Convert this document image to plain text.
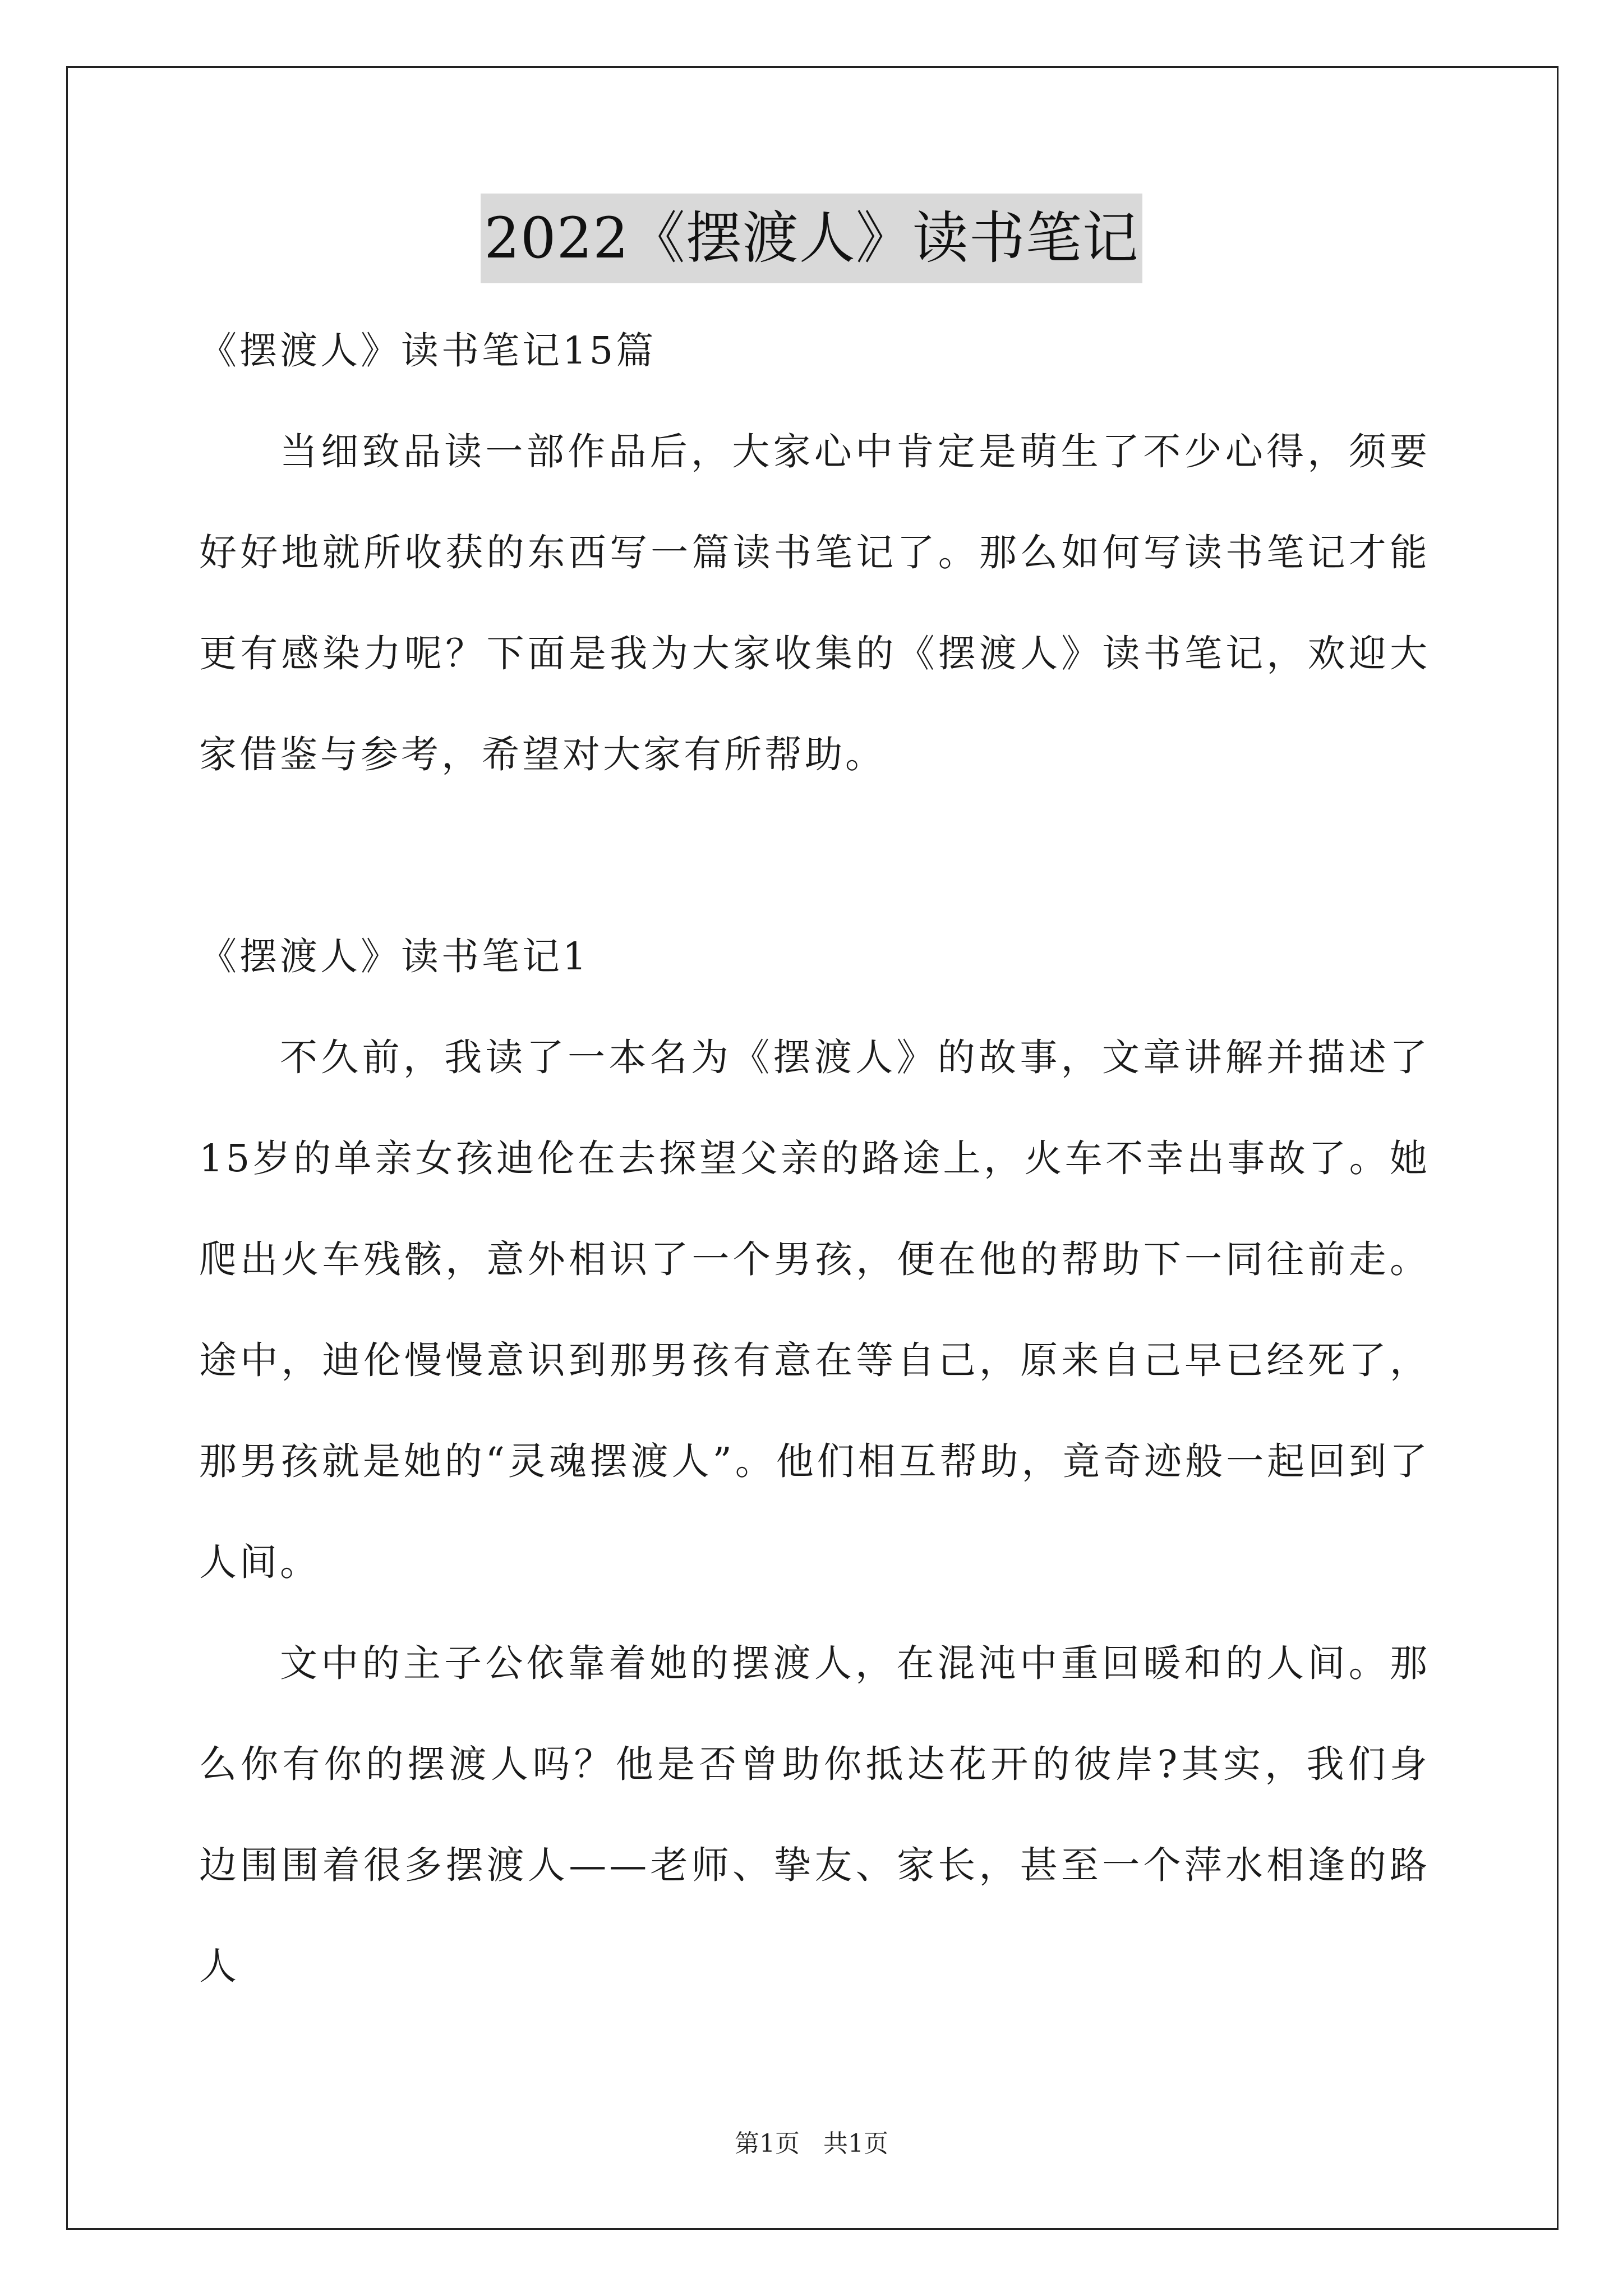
2022《摆渡人》读书笔记

《摆渡人》读书笔记15篇

当细致品读一部作品后，大家心中肯定是萌生了不少心得，须要好好地就所收获的东西写一篇读书笔记了。那么如何写读书笔记才能更有感染力呢？下面是我为大家收集的《摆渡人》读书笔记，欢迎大家借鉴与参考，希望对大家有所帮助。

《摆渡人》读书笔记1

不久前，我读了一本名为《摆渡人》的故事，文章讲解并描述了15岁的单亲女孩迪伦在去探望父亲的路途上，火车不幸出事故了。她爬出火车残骸，意外相识了一个男孩，便在他的帮助下一同往前走。途中，迪伦慢慢意识到那男孩有意在等自己，原来自己早已经死了，那男孩就是她的“灵魂摆渡人”。他们相互帮助，竟奇迹般一起回到了人间。

文中的主子公依靠着她的摆渡人，在混沌中重回暖和的人间。那么你有你的摆渡人吗？他是否曾助你抵达花开的彼岸?其实，我们身边围围着很多摆渡人——老师、挚友、家长，甚至一个萍水相逢的路人

第1页 共1页
